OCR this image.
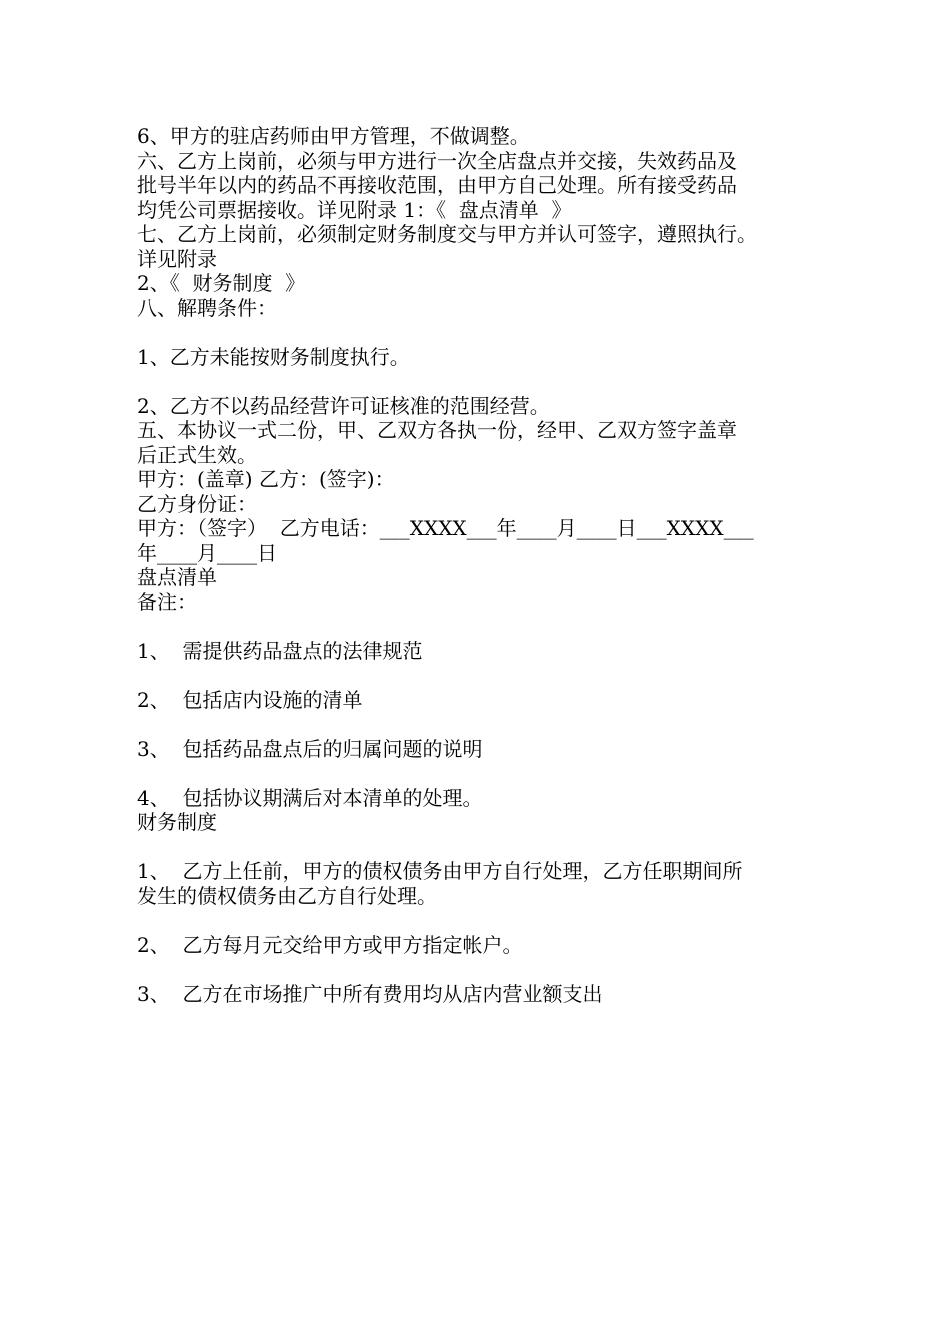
6、甲方的驻店药师由甲方管理，不做调整。
六、乙方上岗前，必须与甲方进行一次全店盘点并交接，失效药品及
批号半年以内的药品不再接收范围，由甲方自己处理。所有接受药品
均凭公司票据接收。详见附录 1：《  盘点清单  》
七、乙方上岗前，必须制定财务制度交与甲方并认可签字，遵照执行。
详见附录
2、《  财务制度  》
八、解聘条件：
1、乙方未能按财务制度执行。
2、乙方不以药品经营许可证核准的范围经营。
五、本协议一式二份，甲、乙双方各执一份，经甲、乙双方签字盖章
后正式生效。
甲方：(盖章) 乙方：(签字)：
乙方身份证：
甲方：（签字）  乙方电话：___XXXX___年____月____日___XXXX___
年____月____日
盘点清单
备注：
1、  需提供药品盘点的法律规范
2、  包括店内设施的清单
3、  包括药品盘点后的归属问题的说明
4、  包括协议期满后对本清单的处理。
财务制度
1、  乙方上任前，甲方的债权债务由甲方自行处理，乙方任职期间所
发生的债权债务由乙方自行处理。
2、  乙方每月元交给甲方或甲方指定帐户。
3、  乙方在市场推广中所有费用均从店内营业额支出
